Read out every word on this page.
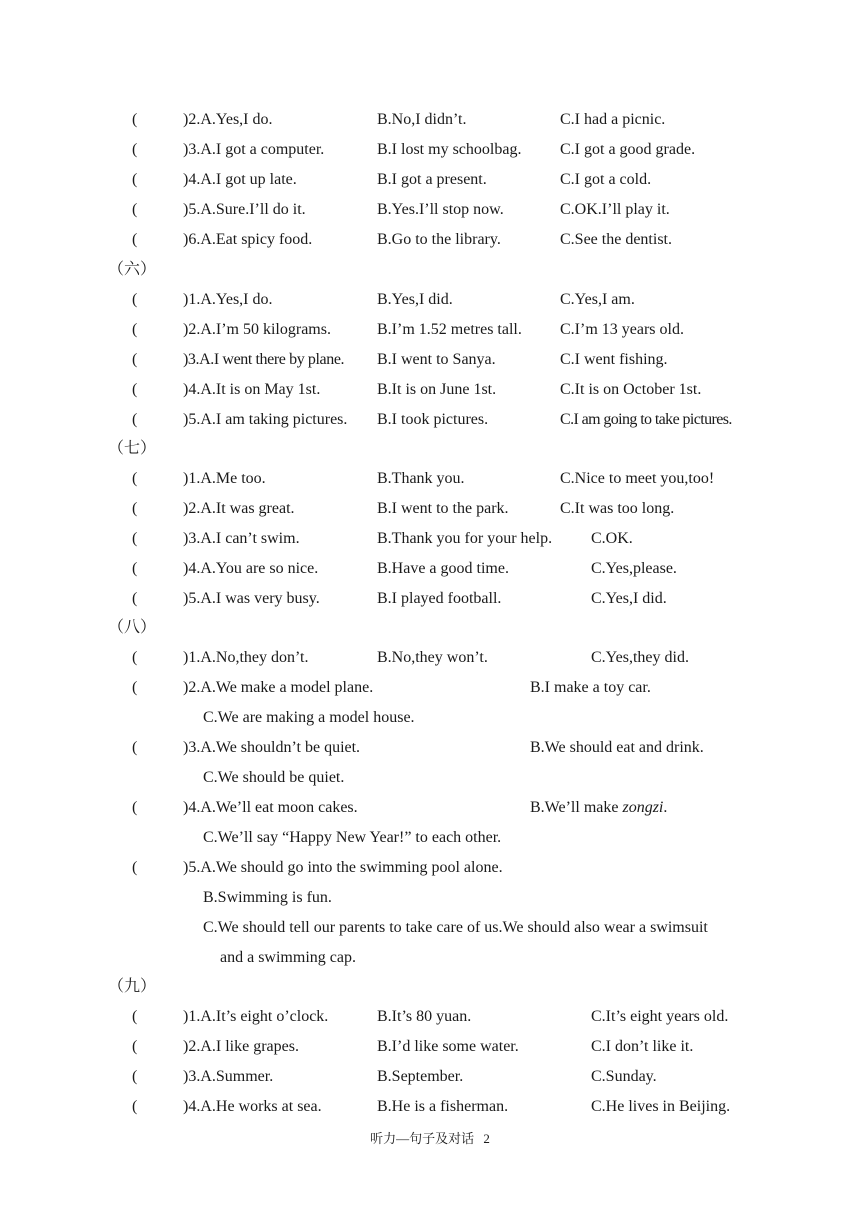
(	)2.A.Yes,I do.	B.No,I didn’t.	C.I had a picnic.
(	)3.A.I got a computer.	B.I lost my schoolbag. C.I got a good grade.
(	)4.A.I got up late.	B.I got a present.	C.I got a cold.
(	)5.A.Sure.I’ll do it.	B.Yes.I’ll stop now.	C.OK.I’ll play it.
(	)6.A.Eat spicy food.	B.Go to the library.	C.See the dentist.
（六）
(	)1.A.Yes,I do.	B.Yes,I did.	C.Yes,I am.
(	)2.A.I’m 50 kilograms.	B.I’m 1.52 metres tall. C.I’m 13 years old.
(	)3.A.I went there by plane. B.I went to Sanya.	C.I went fishing.
(	)4.A.It is on May 1st.	B.It is on June 1st.	C.It is on October 1st.
(	)5.A.I am taking pictures. B.I took pictures.	C.I am going to take pictures.
（七）
(	)1.A.Me too.	B.Thank you.	C.Nice to meet you,too!
(	)2.A.It was great.	B.I went to the park.	C.It was too long.
(	)3.A.I can’t swim.	B.Thank you for your help. C.OK.
(	)4.A.You are so nice.	B.Have a good time.	C.Yes,please.
(	)5.A.I was very busy.	B.I played football.	C.Yes,I did.
（八）
(	)1.A.No,they don’t.	B.No,they won’t.	C.Yes,they did.
(	)2.A.We make a model plane.	B.I make a toy car.
C.We are making a model house.
(	)3.A.We shouldn’t be quiet.	B.We should eat and drink.
C.We should be quiet.
(	)4.A.We’ll eat moon cakes.	B.We’ll make zongzi.
C.We’ll say “Happy New Year!” to each other.
(	)5.A.We should go into the swimming pool alone.
B.Swimming is fun.
C.We should tell our parents to take care of us.We should also wear a swimsuit
and a swimming cap.
（九）
(	)1.A.It’s eight o’clock.	B.It’s 80 yuan.	C.It’s eight years old.
(	)2.A.I like grapes.	B.I’d like some water.	C.I don’t like it.
(	)3.A.Summer.	B.September.	C.Sunday.
(	)4.A.He works at sea.	B.He is a fisherman.	C.He lives in Beijing.
听力—句子及对话 2
